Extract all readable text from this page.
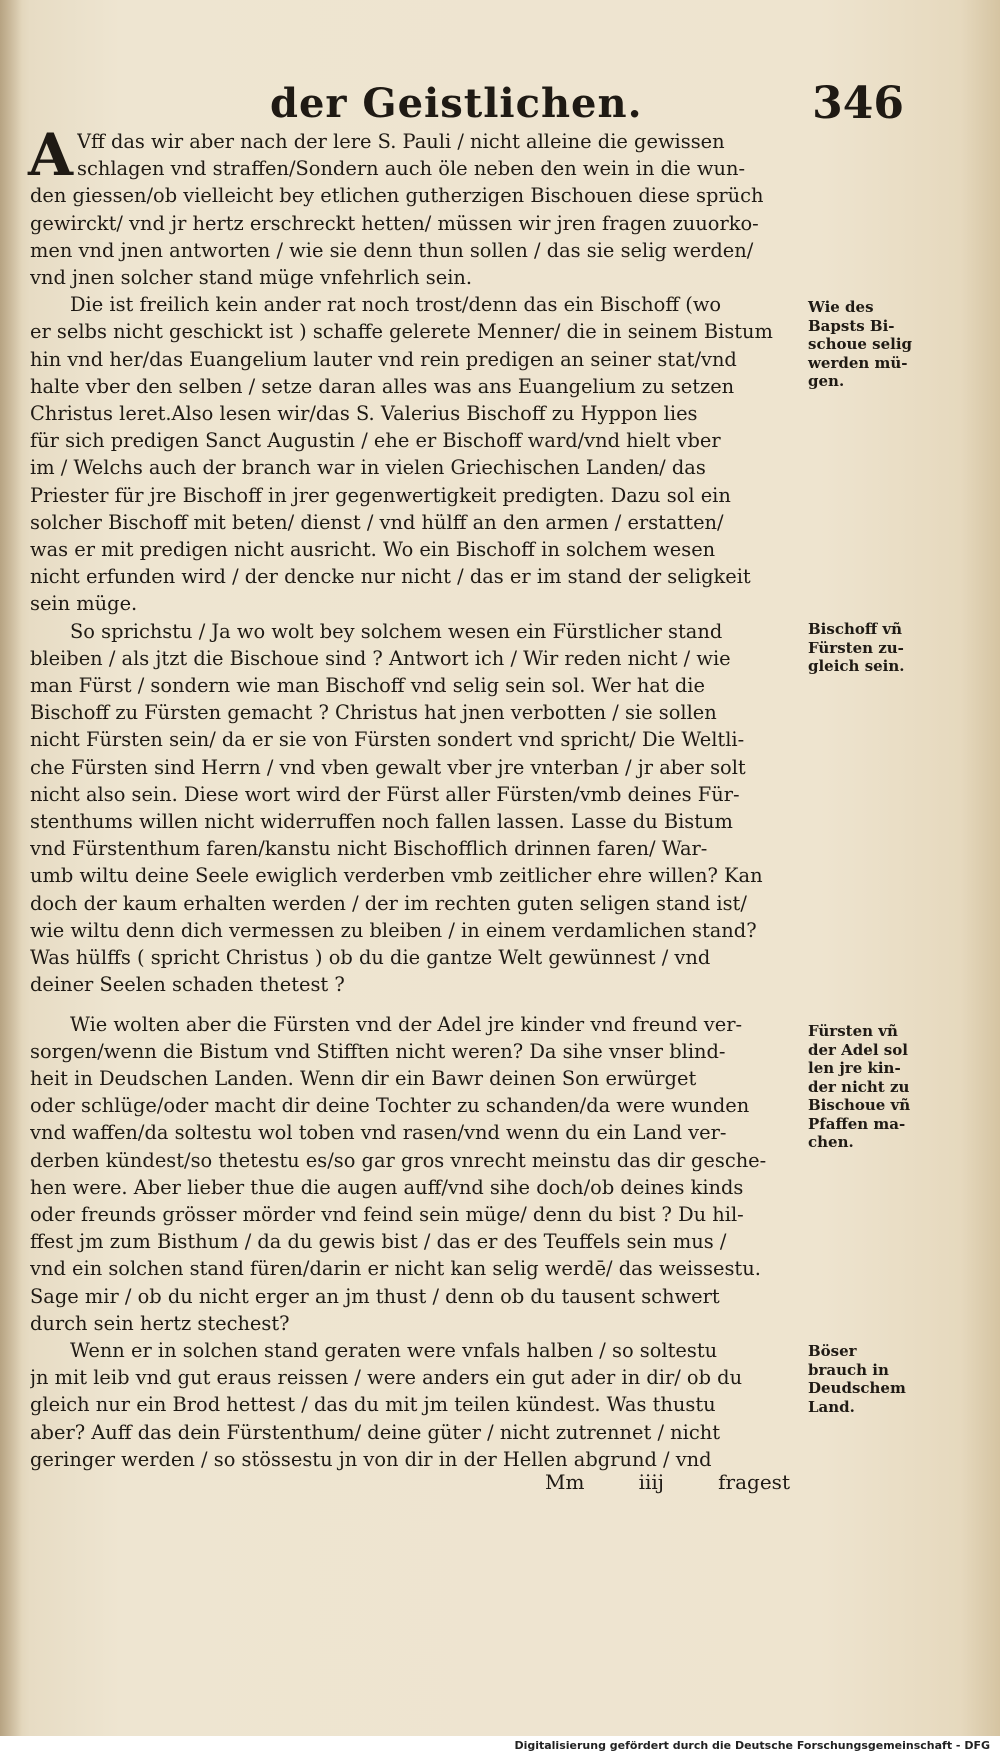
der Geistlichen.	346
A Vff das wir aber nach der lere S. Pauli / nicht alleine die gewissen
schlagen vnd straffen/Sondern auch öle neben den wein in die wun-
den giessen/ob vielleicht bey etlichen gutherzigen Bischouen diese sprüch
gewirckt/ vnd jr hertz erschreckt hetten/ müssen wir jren fragen zuuorko-
men vnd jnen antworten / wie sie denn thun sollen / das sie selig werden/
vnd jnen solcher stand müge vnfehrlich sein.
Die ist freilich kein ander rat noch trost/denn das ein Bischoff (wo
er selbs nicht geschickt ist ) schaffe gelerete Menner/ die in seinem Bistum
hin vnd her/das Euangelium lauter vnd rein predigen an seiner stat/vnd
halte vber den selben / setze daran alles was ans Euangelium zu setzen
Christus leret.Also lesen wir/das S. Valerius Bischoff zu Hyppon lies
für sich predigen Sanct Augustin / ehe er Bischoff ward/vnd hielt vber
im / Welchs auch der branch war in vielen Griechischen Landen/ das
Priester für jre Bischoff in jrer gegenwertigkeit predigten. Dazu sol ein
solcher Bischoff mit beten/ dienst / vnd hülff an den armen / erstatten/
was er mit predigen nicht ausricht. Wo ein Bischoff in solchem wesen
nicht erfunden wird / der dencke nur nicht / das er im stand der seligkeit
sein müge.
So sprichstu / Ja wo wolt bey solchem wesen ein Fürstlicher stand
bleiben / als jtzt die Bischoue sind ? Antwort ich / Wir reden nicht / wie
man Fürst / sondern wie man Bischoff vnd selig sein sol. Wer hat die
Bischoff zu Fürsten gemacht ? Christus hat jnen verbotten / sie sollen
nicht Fürsten sein/ da er sie von Fürsten sondert vnd spricht/ Die Weltli-
che Fürsten sind Herrn / vnd vben gewalt vber jre vnterban / jr aber solt
nicht also sein. Diese wort wird der Fürst aller Fürsten/vmb deines Für-
stenthums willen nicht widerruffen noch fallen lassen. Lasse du Bistum
vnd Fürstenthum faren/kanstu nicht Bischofflich drinnen faren/ War-
umb wiltu deine Seele ewiglich verderben vmb zeitlicher ehre willen? Kan
doch der kaum erhalten werden / der im rechten guten seligen stand ist/
wie wiltu denn dich vermessen zu bleiben / in einem verdamlichen stand?
Was hülffs ( spricht Christus ) ob du die gantze Welt gewünnest / vnd
deiner Seelen schaden thetest ?
Wie wolten aber die Fürsten vnd der Adel jre kinder vnd freund ver-
sorgen/wenn die Bistum vnd Stifften nicht weren? Da sihe vnser blind-
heit in Deudschen Landen. Wenn dir ein Bawr deinen Son erwürget
oder schlüge/oder macht dir deine Tochter zu schanden/da were wunden
vnd waffen/da soltestu wol toben vnd rasen/vnd wenn du ein Land ver-
derben kündest/so thetestu es/so gar gros vnrecht meinstu das dir gesche-
hen were. Aber lieber thue die augen auff/vnd sihe doch/ob deines kinds
oder freunds grösser mörder vnd feind sein müge/ denn du bist ? Du hil-
ffest jm zum Bisthum / da du gewis bist / das er des Teuffels sein mus /
vnd ein solchen stand füren/darin er nicht kan selig werdē/ das weissestu.
Sage mir / ob du nicht erger an jm thust / denn ob du tausent schwert
durch sein hertz stechest?
Wenn er in solchen stand geraten were vnfals halben / so soltestu
jn mit leib vnd gut eraus reissen / were anders ein gut ader in dir/ ob du
gleich nur ein Brod hettest / das du mit jm teilen kündest. Was thustu
aber? Auff das dein Fürstenthum/ deine güter / nicht zutrennet / nicht
geringer werden / so stössestu jn von dir in der Hellen abgrund / vnd
Wie des
Bapsts Bi-
schoue selig
werden mü-
gen.
Bischoff vñ
Fürsten zu-
gleich sein.
Fürsten vñ
der Adel sol
len jre kin-
der nicht zu
Bischoue vñ
Pfaffen ma-
chen.
Böser
brauch in
Deudschem
Land.
Mm	iiij	fragest
Digitalisierung gefördert durch die Deutsche Forschungsgemeinschaft - DFG
